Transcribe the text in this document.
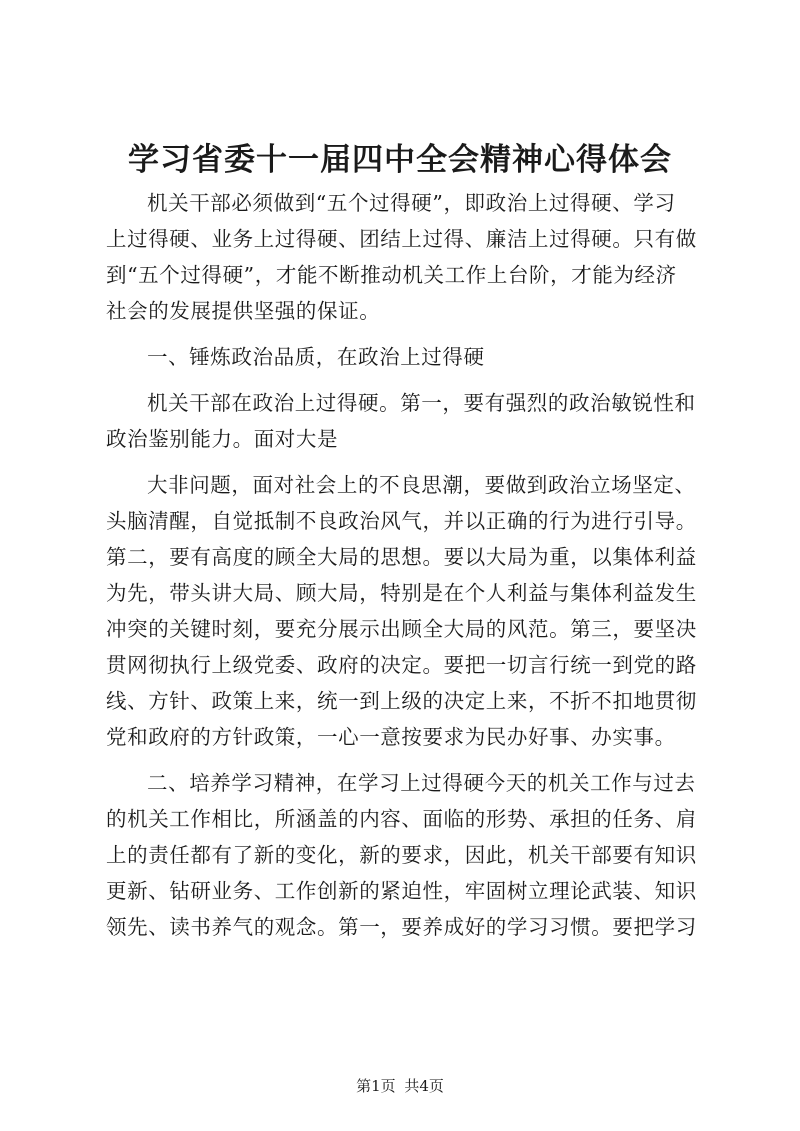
学习省委十一届四中全会精神心得体会
机关干部必须做到“五个过得硬”，即政治上过得硬、学习
上过得硬、业务上过得硬、团结上过得、廉洁上过得硬。只有做
到“五个过得硬”，才能不断推动机关工作上台阶，才能为经济
社会的发展提供坚强的保证。
一、锤炼政治品质，在政治上过得硬
机关干部在政治上过得硬。第一，要有强烈的政治敏锐性和
政治鉴别能力。面对大是
大非问题，面对社会上的不良思潮，要做到政治立场坚定、
头脑清醒，自觉抵制不良政治风气，并以正确的行为进行引导。
第二，要有高度的顾全大局的思想。要以大局为重，以集体利益
为先，带头讲大局、顾大局，特别是在个人利益与集体利益发生
冲突的关键时刻，要充分展示出顾全大局的风范。第三，要坚决
贯网彻执行上级党委、政府的决定。要把一切言行统一到党的路
线、方针、政策上来，统一到上级的决定上来，不折不扣地贯彻
党和政府的方针政策，一心一意按要求为民办好事、办实事。
二、培养学习精神，在学习上过得硬今天的机关工作与过去
的机关工作相比，所涵盖的内容、面临的形势、承担的任务、肩
上的责任都有了新的变化，新的要求，因此，机关干部要有知识
更新、钻研业务、工作创新的紧迫性，牢固树立理论武装、知识
领先、读书养气的观念。第一，要养成好的学习习惯。要把学习
第1页 共4页
